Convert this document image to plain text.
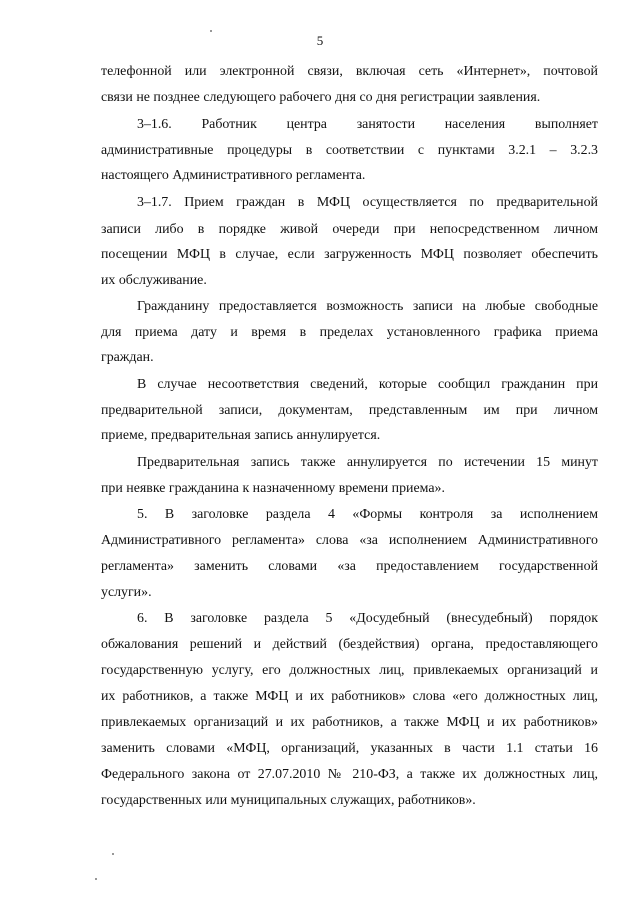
5
телефонной или электронной связи, включая сеть «Интернет», почтовой
связи не позднее следующего рабочего дня со дня регистрации заявления.
3–1.6. Работник центра занятости населения выполняет
административные процедуры в соответствии с пунктами 3.2.1 – 3.2.3
настоящего Административного регламента.
3–1.7. Прием граждан в МФЦ осуществляется по предварительной
записи либо в порядке живой очереди при непосредственном личном
посещении МФЦ в случае, если загруженность МФЦ позволяет обеспечить
их обслуживание.
Гражданину предоставляется возможность записи на любые свободные
для приема дату и время в пределах установленного графика приема
граждан.
В случае несоответствия сведений, которые сообщил гражданин при
предварительной записи, документам, представленным им при личном
приеме, предварительная запись аннулируется.
Предварительная запись также аннулируется по истечении 15 минут
при неявке гражданина к назначенному времени приема».
5. В заголовке раздела 4 «Формы контроля за исполнением
Административного регламента» слова «за исполнением Административного
регламента» заменить словами «за предоставлением государственной
услуги».
6. В заголовке раздела 5 «Досудебный (внесудебный) порядок
обжалования решений и действий (бездействия) органа, предоставляющего
государственную услугу, его должностных лиц, привлекаемых организаций и
их работников, а также МФЦ и их работников» слова «его должностных лиц,
привлекаемых организаций и их работников, а также МФЦ и их работников»
заменить словами «МФЦ, организаций, указанных в части 1.1 статьи 16
Федерального закона от 27.07.2010 № 210-ФЗ, а также их должностных лиц,
государственных или муниципальных служащих, работников».
